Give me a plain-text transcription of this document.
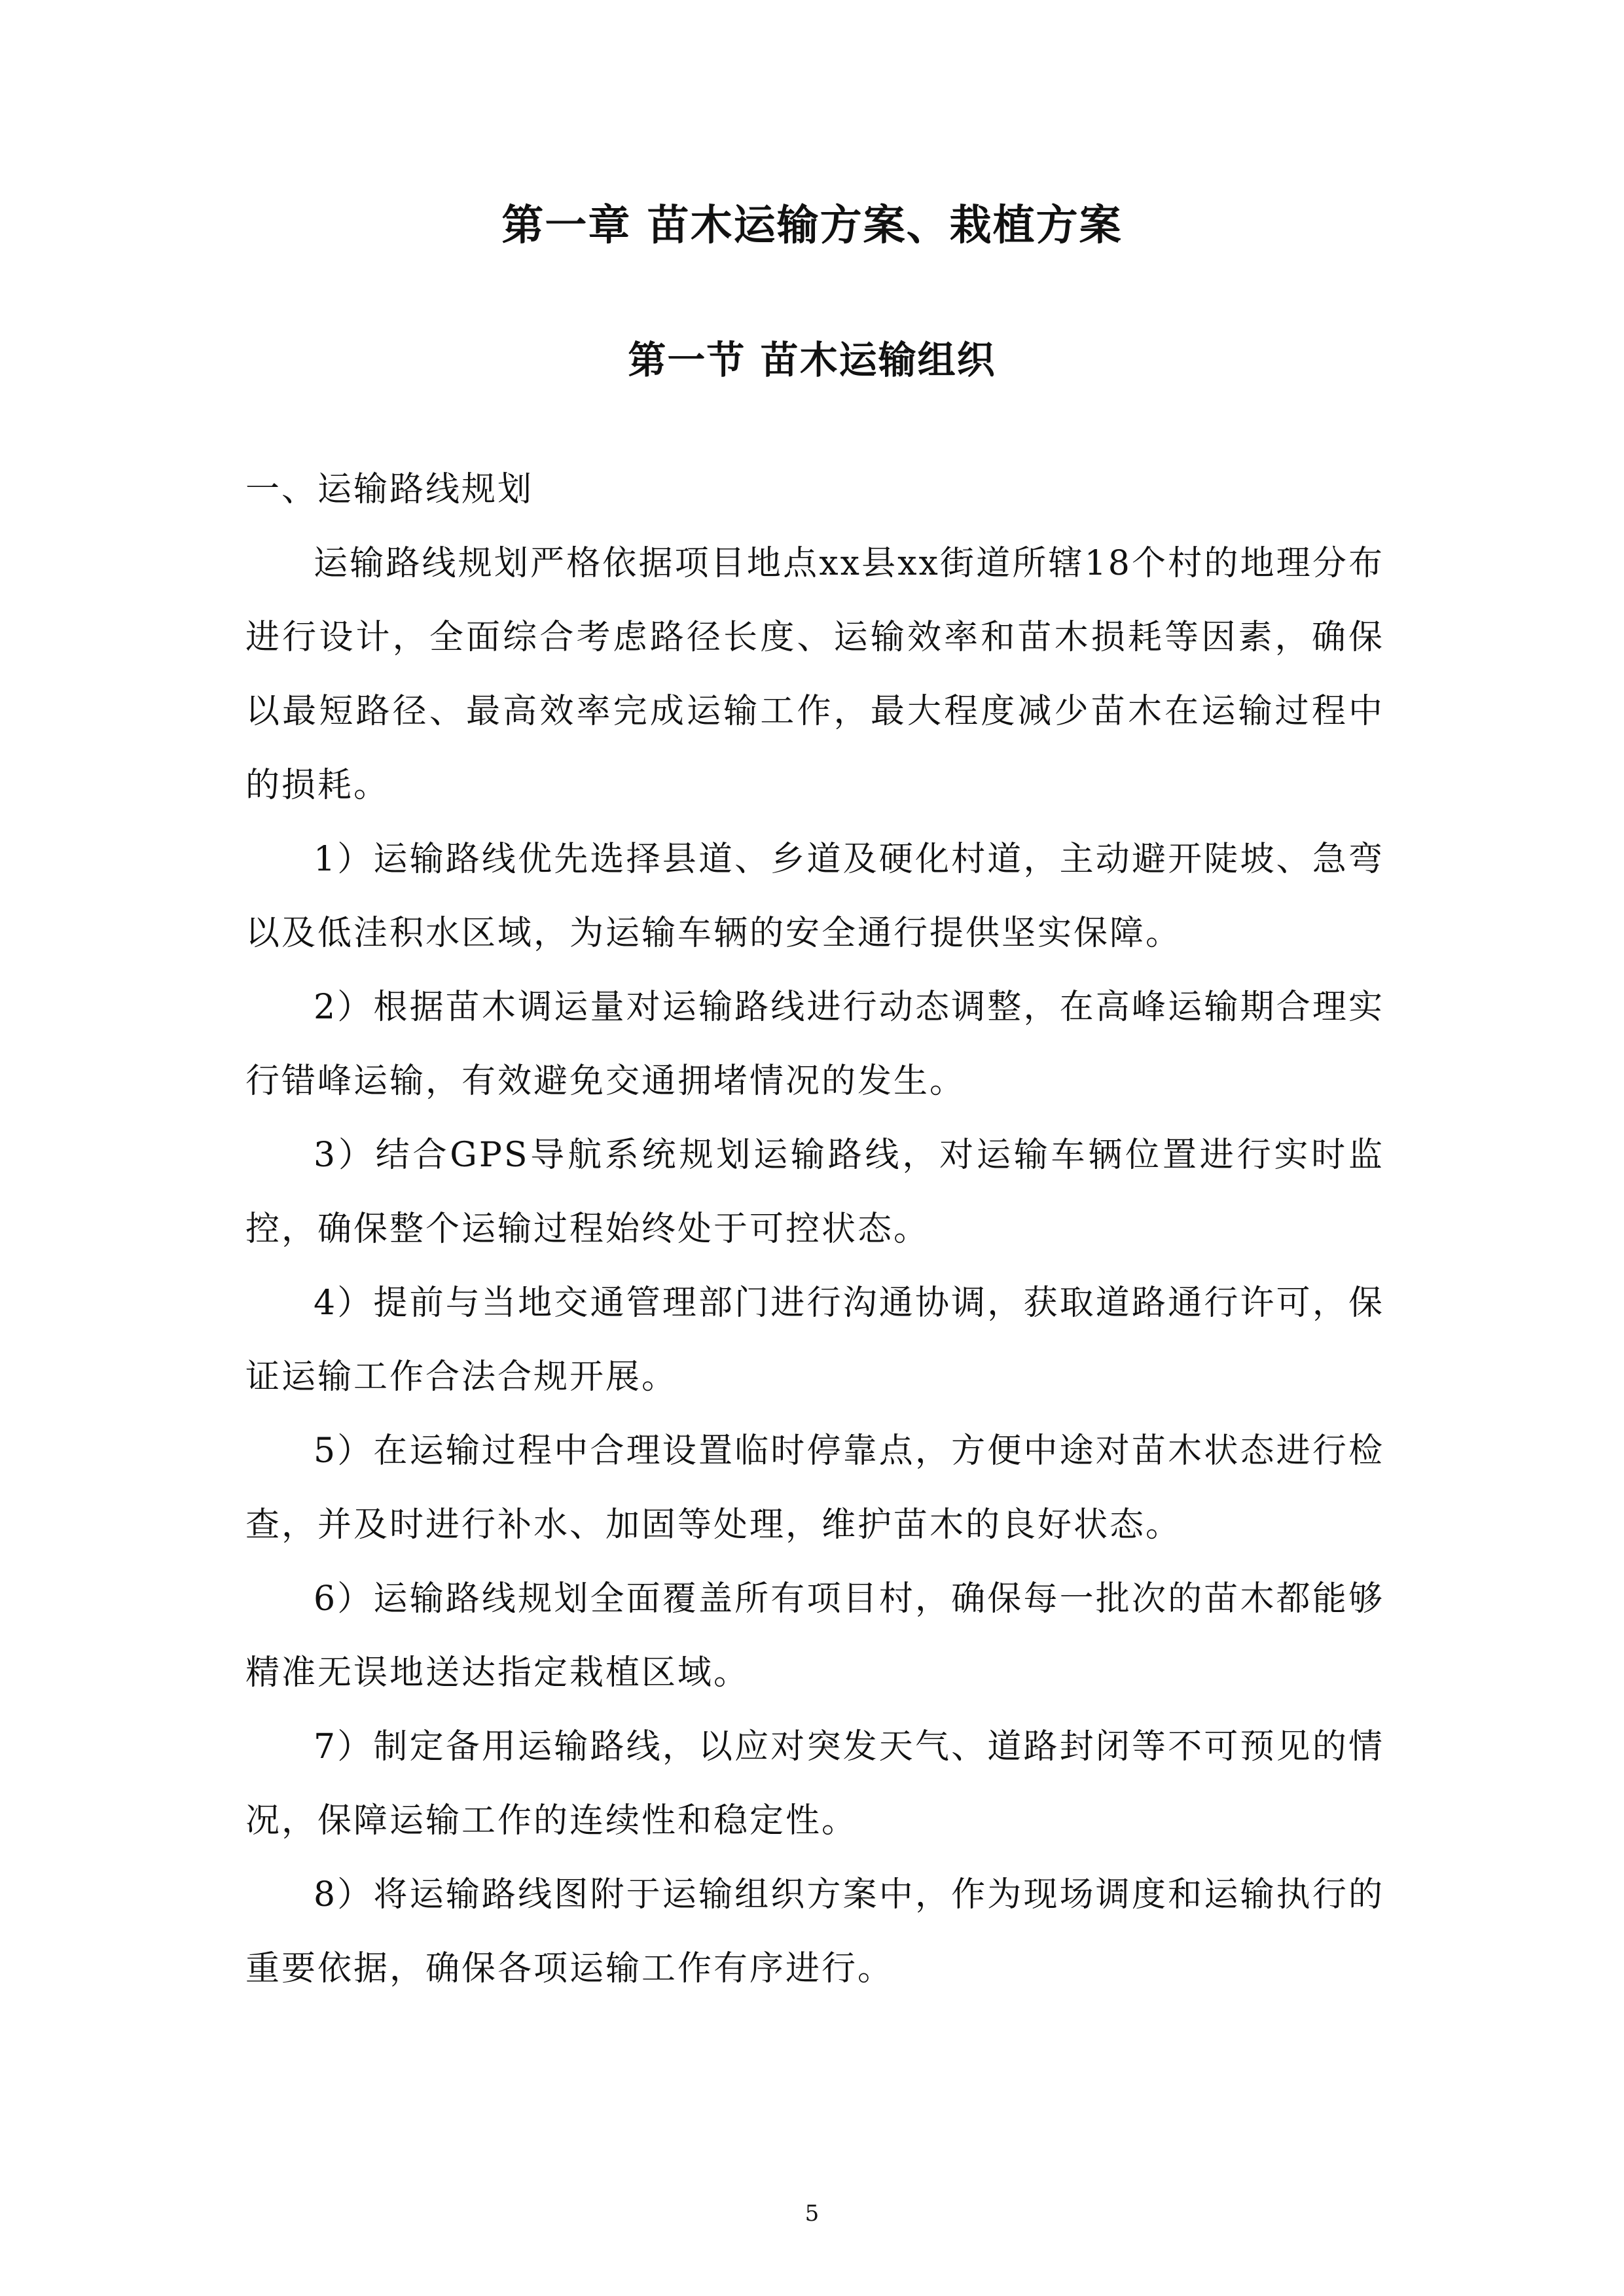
第一章 苗木运输方案、栽植方案
第一节 苗木运输组织
一、运输路线规划

运输路线规划严格依据项目地点xx县xx街道所辖18个村的地理分布进行设计，全面综合考虑路径长度、运输效率和苗木损耗等因素，确保以最短路径、最高效率完成运输工作，最大程度减少苗木在运输过程中的损耗。

1）运输路线优先选择县道、乡道及硬化村道，主动避开陡坡、急弯以及低洼积水区域，为运输车辆的安全通行提供坚实保障。

2）根据苗木调运量对运输路线进行动态调整，在高峰运输期合理实行错峰运输，有效避免交通拥堵情况的发生。

3）结合GPS导航系统规划运输路线，对运输车辆位置进行实时监控，确保整个运输过程始终处于可控状态。

4）提前与当地交通管理部门进行沟通协调，获取道路通行许可，保证运输工作合法合规开展。

5）在运输过程中合理设置临时停靠点，方便中途对苗木状态进行检查，并及时进行补水、加固等处理，维护苗木的良好状态。

6）运输路线规划全面覆盖所有项目村，确保每一批次的苗木都能够精准无误地送达指定栽植区域。

7）制定备用运输路线，以应对突发天气、道路封闭等不可预见的情况，保障运输工作的连续性和稳定性。

8）将运输路线图附于运输组织方案中，作为现场调度和运输执行的重要依据，确保各项运输工作有序进行。

5
